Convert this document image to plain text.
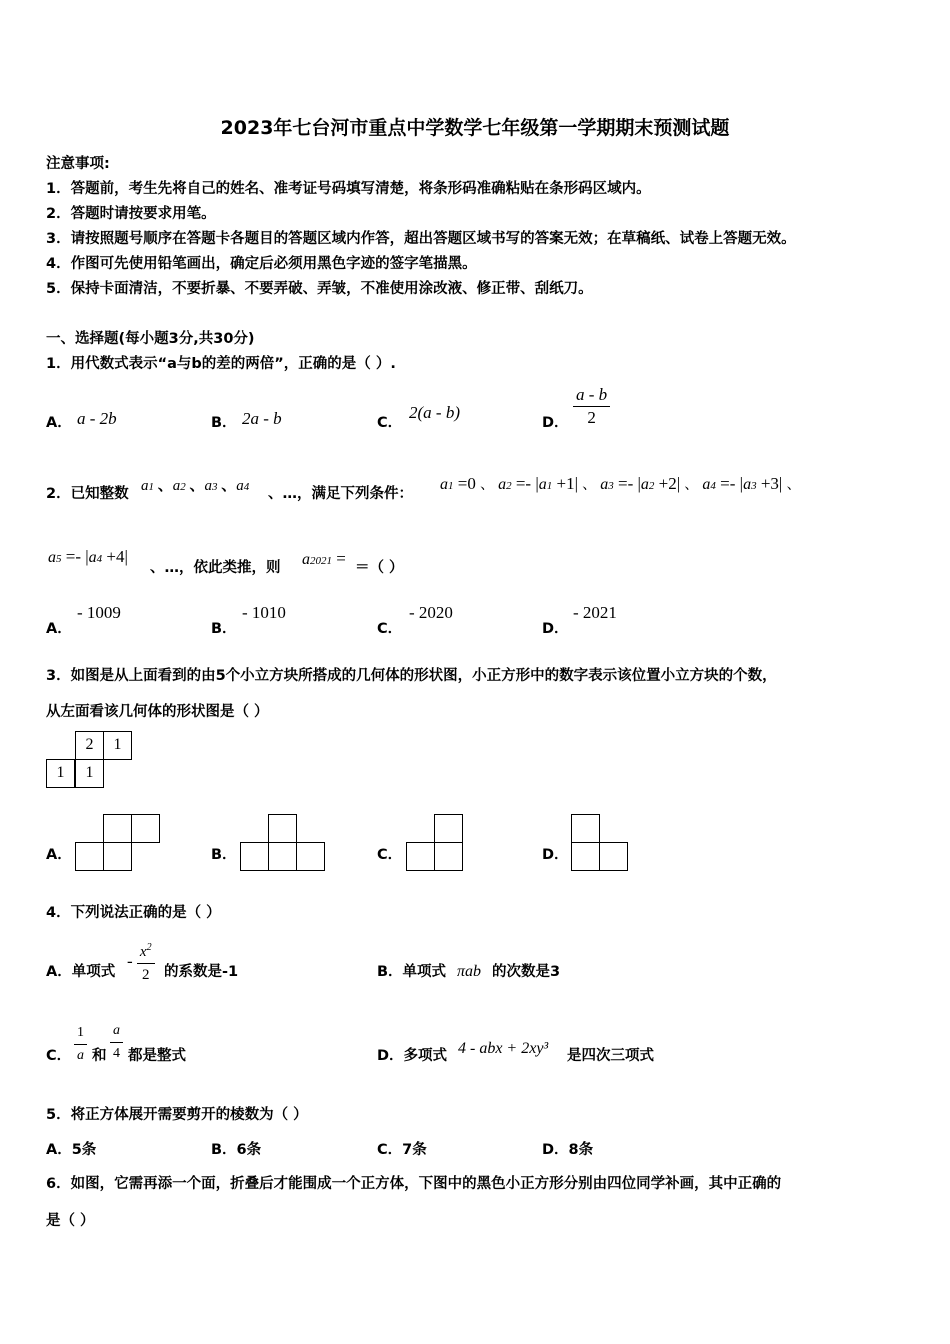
2023年七台河市重点中学数学七年级第一学期期末预测试题
注意事项:
1．答题前，考生先将自己的姓名、准考证号码填写清楚，将条形码准确粘贴在条形码区域内。
2．答题时请按要求用笔。
3．请按照题号顺序在答题卡各题目的答题区域内作答，超出答题区域书写的答案无效；在草稿纸、试卷上答题无效。
4．作图可先使用铅笔画出，确定后必须用黑色字迹的签字笔描黑。
5．保持卡面清洁，不要折暴、不要弄破、弄皱，不准使用涂改液、修正带、刮纸刀。
一、选择题(每小题3分,共30分)
1．用代数式表示“a与b的差的两倍”，正确的是（ ）.
A． a - 2b	B． 2a - b	C．
2(a - b)
D． $\frac{a - b}{2}$
2．已知整数 a1 、a2 、a3 、a4 、…，满足下列条件：
a1 =0 、 a2 =- |a1 +1| 、 a3 =- |a2 +2| 、 a4 =- |a3 +3| 、
a5 =- |a4 +4|
、…，依此类推，则 a2021 = ＝（ ）
A．
- 1009
B．
- 1010
C．
- 2020
D．
- 2021
3．如图是从上面看到的由5个小立方块所搭成的几何体的形状图，小正方形中的数字表示该位置小立方块的个数，
从左面看该几何体的形状图是（ ）
2	1
1	1
A．	B．	C．	D．
4．下列说法正确的是（ ）
A．单项式
- $\frac{x^2}{2}$ 的系数是-1	B．单项式 πab 的次数是3
C． $\frac{1}{a}$ 和 $\frac{a}{4}$ 都是整式	D．多项式 4 - abx + 2xy³ 是四次三项式
5．将正方体展开需要剪开的棱数为（ ）
A．5条	B．6条	C．7条	D．8条
6．如图，它需再添一个面，折叠后才能围成一个正方体，下图中的黑色小正方形分别由四位同学补画，其中正确的
是（ ）
